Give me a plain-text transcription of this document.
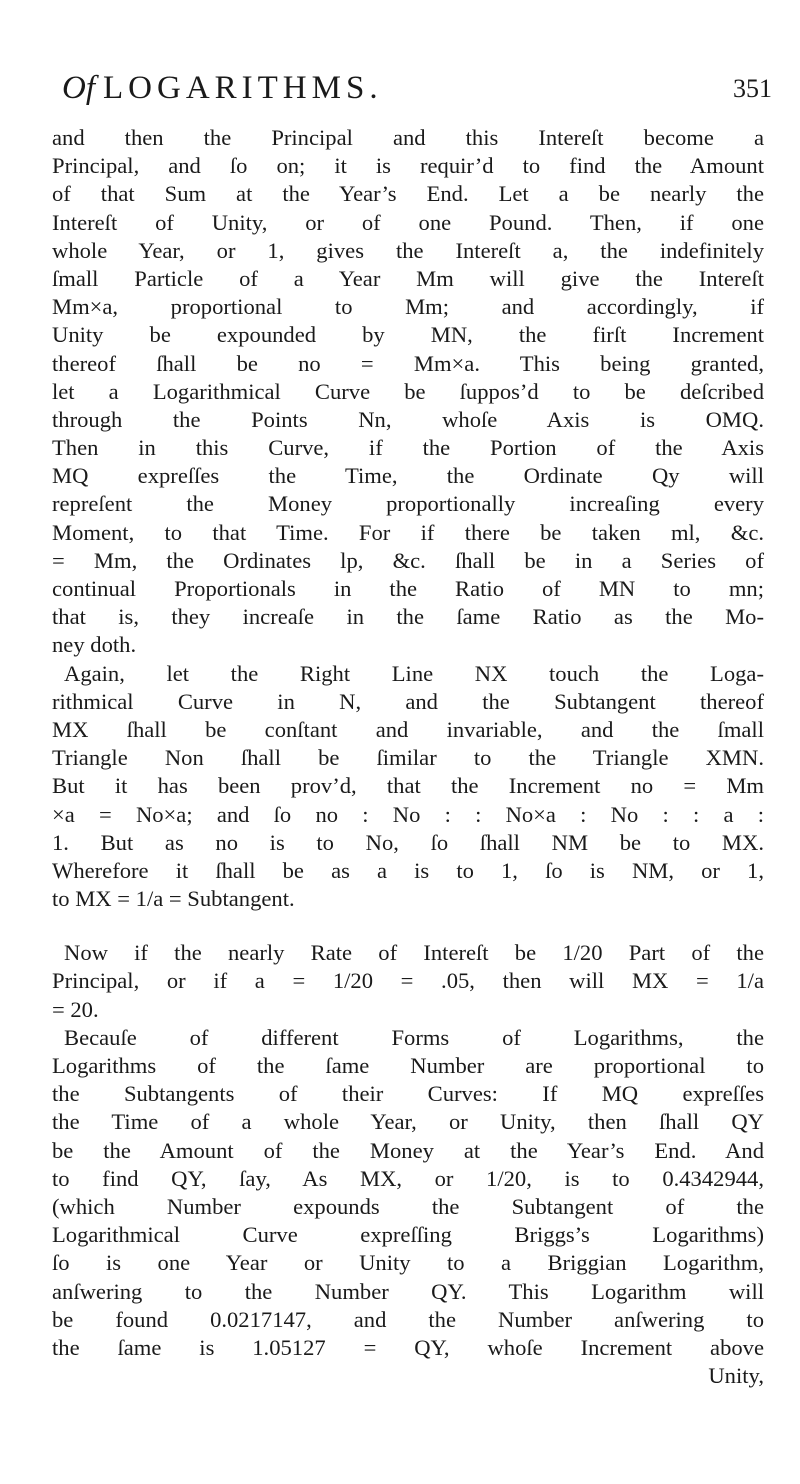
Of LOGARITHMS.	351
and then the Principal and this Intereſt become a
Principal, and ſo on; it is requir’d to find the Amount
of that Sum at the Year’s End. Let a be nearly the
Intereſt of Unity, or of one Pound. Then, if one
whole Year, or 1, gives the Intereſt a, the indefinitely
ſmall Particle of a Year Mm will give the Intereſt
Mm×a, proportional to Mm; and accordingly, if
Unity be expounded by MN, the firſt Increment
thereof ſhall be no = Mm×a. This being granted,
let a Logarithmical Curve be ſuppos’d to be deſcribed
through the Points Nn, whoſe Axis is OMQ.
Then in this Curve, if the Portion of the Axis
MQ expreſſes the Time, the Ordinate Qy will
repreſent the Money proportionally increaſing every
Moment, to that Time. For if there be taken ml, &c.
= Mm, the Ordinates lp, &c. ſhall be in a Series of
continual Proportionals in the Ratio of MN to mn;
that is, they increaſe in the ſame Ratio as the Mo-
ney doth.
Again, let the Right Line NX touch the Loga-
rithmical Curve in N, and the Subtangent thereof
MX ſhall be conſtant and invariable, and the ſmall
Triangle Non ſhall be ſimilar to the Triangle XMN.
But it has been prov’d, that the Increment no = Mm
×a = No×a; and ſo no : No : : No×a : No : : a :
1. But as no is to No, ſo ſhall NM be to MX.
Wherefore it ſhall be as a is to 1, ſo is NM, or 1,
to MX = 1/a = Subtangent.
Now if the nearly Rate of Intereſt be 1/20 Part of the
Principal, or if a = 1/20 = .05, then will MX = 1/a
= 20.
Becauſe of different Forms of Logarithms, the
Logarithms of the ſame Number are proportional to
the Subtangents of their Curves: If MQ expreſſes
the Time of a whole Year, or Unity, then ſhall QY
be the Amount of the Money at the Year’s End. And
to find QY, ſay, As MX, or 1/20, is to 0.4342944,
(which Number expounds the Subtangent of the
Logarithmical Curve expreſſing Briggs’s Logarithms)
ſo is one Year or Unity to a Briggian Logarithm,
anſwering to the Number QY. This Logarithm will
be found 0.0217147, and the Number anſwering to
the ſame is 1.05127 = QY, whoſe Increment above
Unity,
